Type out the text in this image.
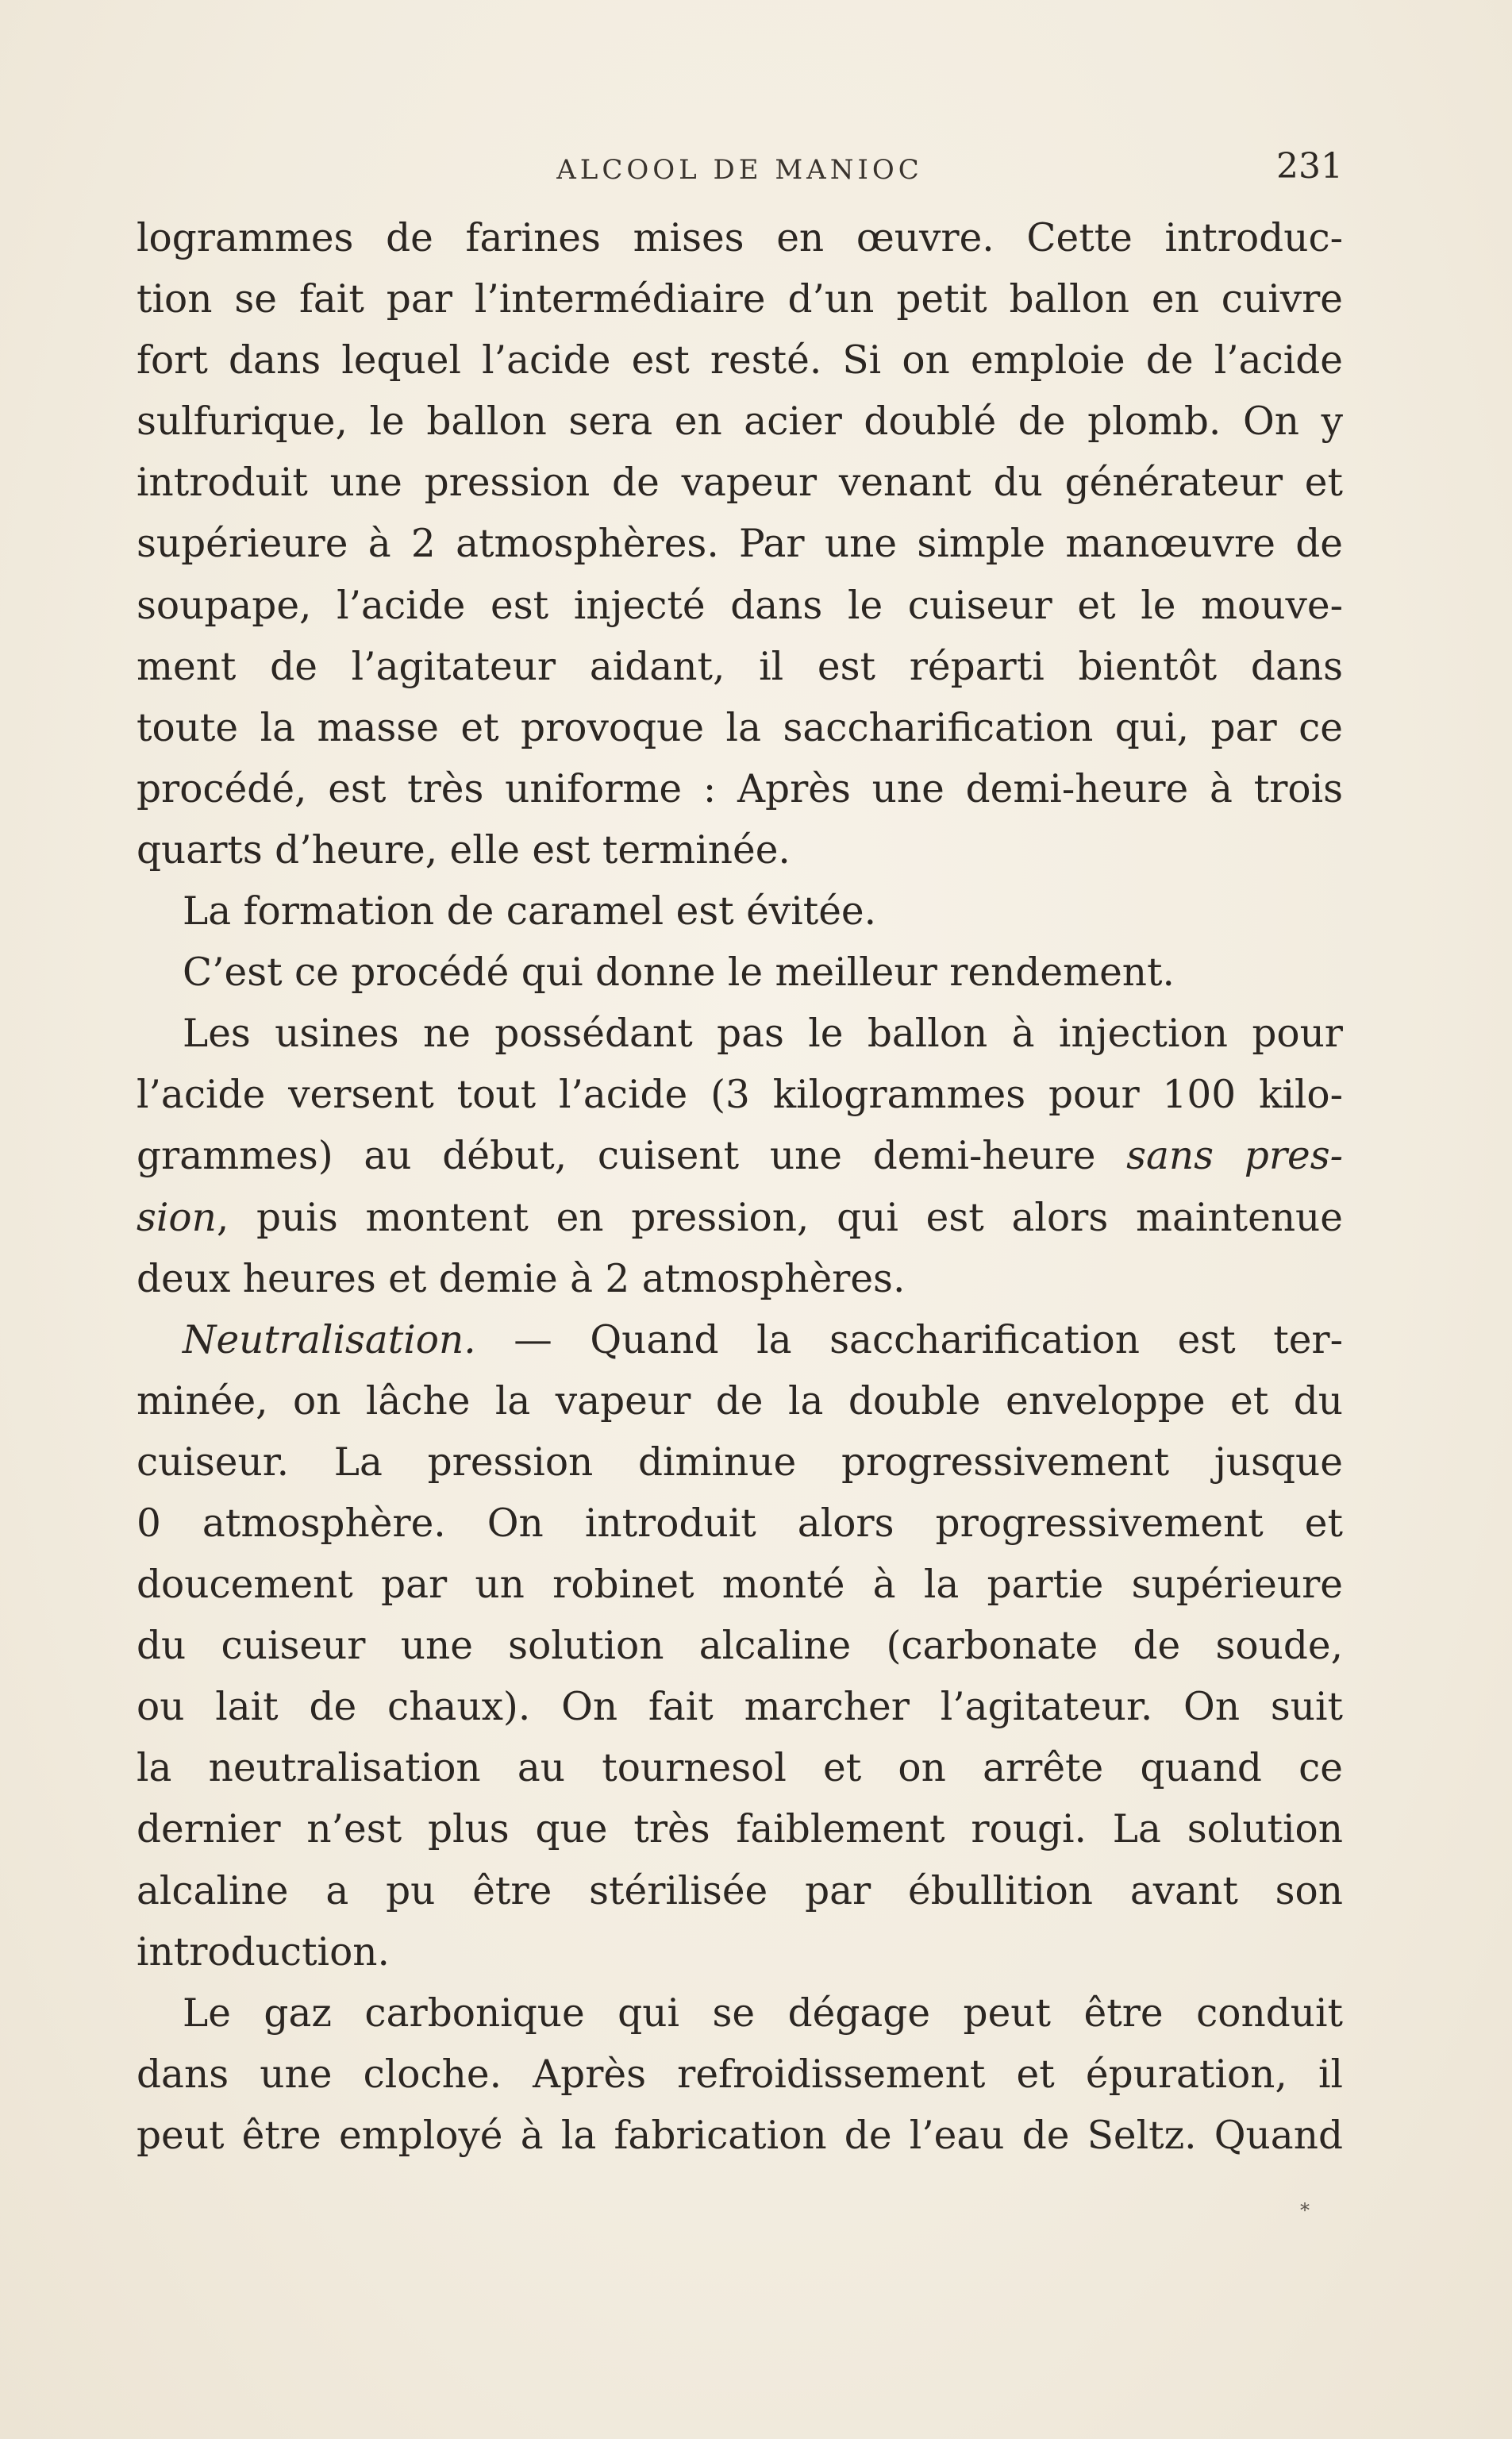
ALCOOL DE MANIOC	231
logrammes de farines mises en œuvre. Cette introduc-
tion se fait par l’intermédiaire d’un petit ballon en cuivre
fort dans lequel l’acide est resté. Si on emploie de l’acide
sulfurique, le ballon sera en acier doublé de plomb. On y
introduit une pression de vapeur venant du générateur et
supérieure à 2 atmosphères. Par une simple manœuvre de
soupape, l’acide est injecté dans le cuiseur et le mouve-
ment de l’agitateur aidant, il est réparti bientôt dans
toute la masse et provoque la saccharification qui, par ce
procédé, est très uniforme : Après une demi-heure à trois
quarts d’heure, elle est terminée.
La formation de caramel est évitée.
C’est ce procédé qui donne le meilleur rendement.
Les usines ne possédant pas le ballon à injection pour
l’acide versent tout l’acide (3 kilogrammes pour 100 kilo-
grammes) au début, cuisent une demi-heure sans pres-
sion, puis montent en pression, qui est alors maintenue
deux heures et demie à 2 atmosphères.
Neutralisation. — Quand la saccharification est ter-
minée, on lâche la vapeur de la double enveloppe et du
cuiseur. La pression diminue progressivement jusque
0 atmosphère. On introduit alors progressivement et
doucement par un robinet monté à la partie supérieure
du cuiseur une solution alcaline (carbonate de soude,
ou lait de chaux). On fait marcher l’agitateur. On suit
la neutralisation au tournesol et on arrête quand ce
dernier n’est plus que très faiblement rougi. La solution
alcaline a pu être stérilisée par ébullition avant son
introduction.
Le gaz carbonique qui se dégage peut être conduit
dans une cloche. Après refroidissement et épuration, il
peut être employé à la fabrication de l’eau de Seltz. Quand
*
